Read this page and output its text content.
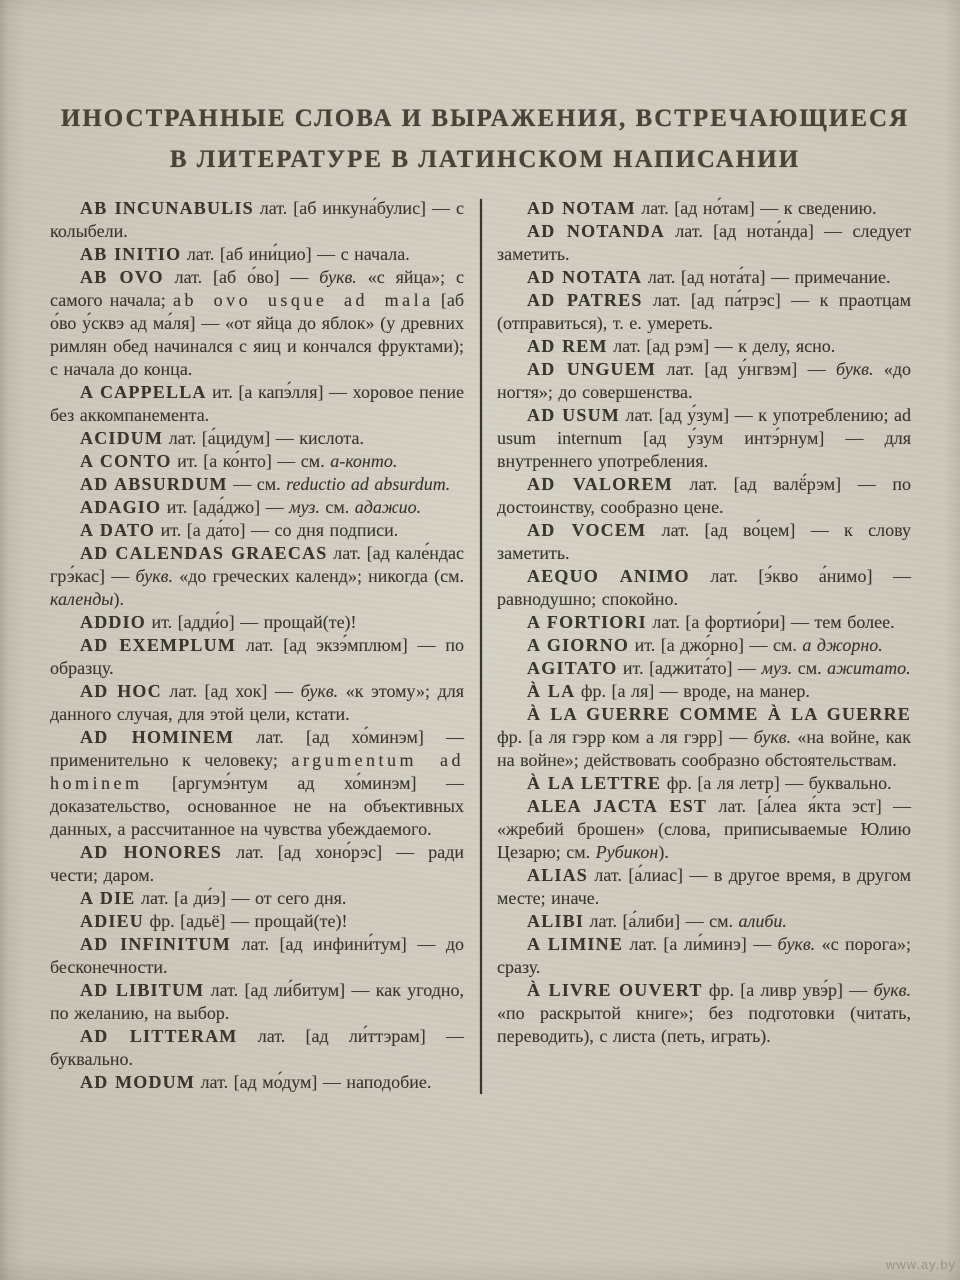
ИНОСТРАННЫЕ СЛОВА И ВЫРАЖЕНИЯ, ВСТРЕЧАЮЩИЕСЯ
В ЛИТЕРАТУРЕ В ЛАТИНСКОМ НАПИСАНИИ

AB INCUNABULIS лат. [аб инкуна́булис] — с колыбели.

AB INITIO лат. [аб ини́цио] — с начала.

AB OVO лат. [аб о́во] — букв. «с яйца»; с самого начала; ab ovo usque ad mala [аб о́во у́сквэ ад ма́ля] — «от яйца до яблок» (у древних римлян обед начинался с яиц и кончался фруктами); с начала до конца.

A CAPPELLA ит. [а капэ́лля] — хоровое пение без аккомпанемента.

ACIDUM лат. [а́цидум] — кислота.

A CONTO ит. [а ко́нто] — см. а-конто.

AD ABSURDUM — см. reductio ad absurdum.

ADAGIO ит. [ада́джо] — муз. см. адажио.

A DATO ит. [а да́то] — со дня подписи.

AD CALENDAS GRAECAS лат. [ад кале́ндас грэ́кас] — букв. «до греческих календ»; никогда (см. календы).

ADDIO ит. [адди́о] — прощай(те)!

AD EXEMPLUM лат. [ад экзэ́мплюм] — по образцу.

AD HOC лат. [ад хок] — букв. «к этому»; для данного случая, для этой цели, кстати.

AD HOMINEM лат. [ад хо́минэм] — применительно к человеку; argumentum ad hominem [аргумэ́нтум ад хо́минэм] — доказательство, основанное не на объективных данных, а рассчитанное на чувства убеждаемого.

AD HONORES лат. [ад хоно́рэс] — ради чести; даром.

A DIE лат. [а ди́э] — от сего дня.

ADIEU фр. [адьё] — прощай(те)!

AD INFINITUM лат. [ад инфини́тум] — до бесконечности.

AD LIBITUM лат. [ад ли́битум] — как угодно, по желанию, на выбор.

AD LITTERAM лат. [ад ли́ттэрам] — буквально.

AD MODUM лат. [ад мо́дум] — наподобие.

AD NOTAM лат. [ад но́там] — к сведению.

AD NOTANDA лат. [ад нота́нда] — следует заметить.

AD NOTATA лат. [ад нота́та] — примечание.

AD PATRES лат. [ад па́трэс] — к праотцам (отправиться), т. е. умереть.

AD REM лат. [ад рэм] — к делу, ясно.

AD UNGUEM лат. [ад у́нгвэм] — букв. «до ногтя»; до совершенства.

AD USUM лат. [ад у́зум] — к употреблению; ad usum internum [ад у́зум интэ́рнум] — для внутреннего употребления.

AD VALOREM лат. [ад валё́рэм] — по достоинству, сообразно цене.

AD VOCEM лат. [ад во́цем] — к слову заметить.

AEQUO ANIMO лат. [э́кво а́нимо] — равнодушно; спокойно.

A FORTIORI лат. [а фортио́ри] — тем более.

A GIORNO ит. [а джо́рно] — см. а джорно.

AGITATO ит. [аджита́то] — муз. см. ажитато.

À LA фр. [а ля] — вроде, на манер.

À LA GUERRE COMME À LA GUERRE фр. [а ля гэрр ком а ля гэрр] — букв. «на войне, как на войне»; действовать сообразно обстоятельствам.

À LA LETTRE фр. [а ля летр] — буквально.

ALEA JACTA EST лат. [а́леа я́кта эст] — «жребий брошен» (слова, приписываемые Юлию Цезарю; см. Рубикон).

ALIAS лат. [а́лиас] — в другое время, в другом месте; иначе.

ALIBI лат. [а́либи] — см. алиби.

A LIMINE лат. [а ли́минэ] — букв. «с порога»; сразу.

À LIVRE OUVERT фр. [а ливр увэ́р] — букв. «по раскрытой книге»; без подготовки (читать, переводить), с листа (петь, играть).

www.ay.by
